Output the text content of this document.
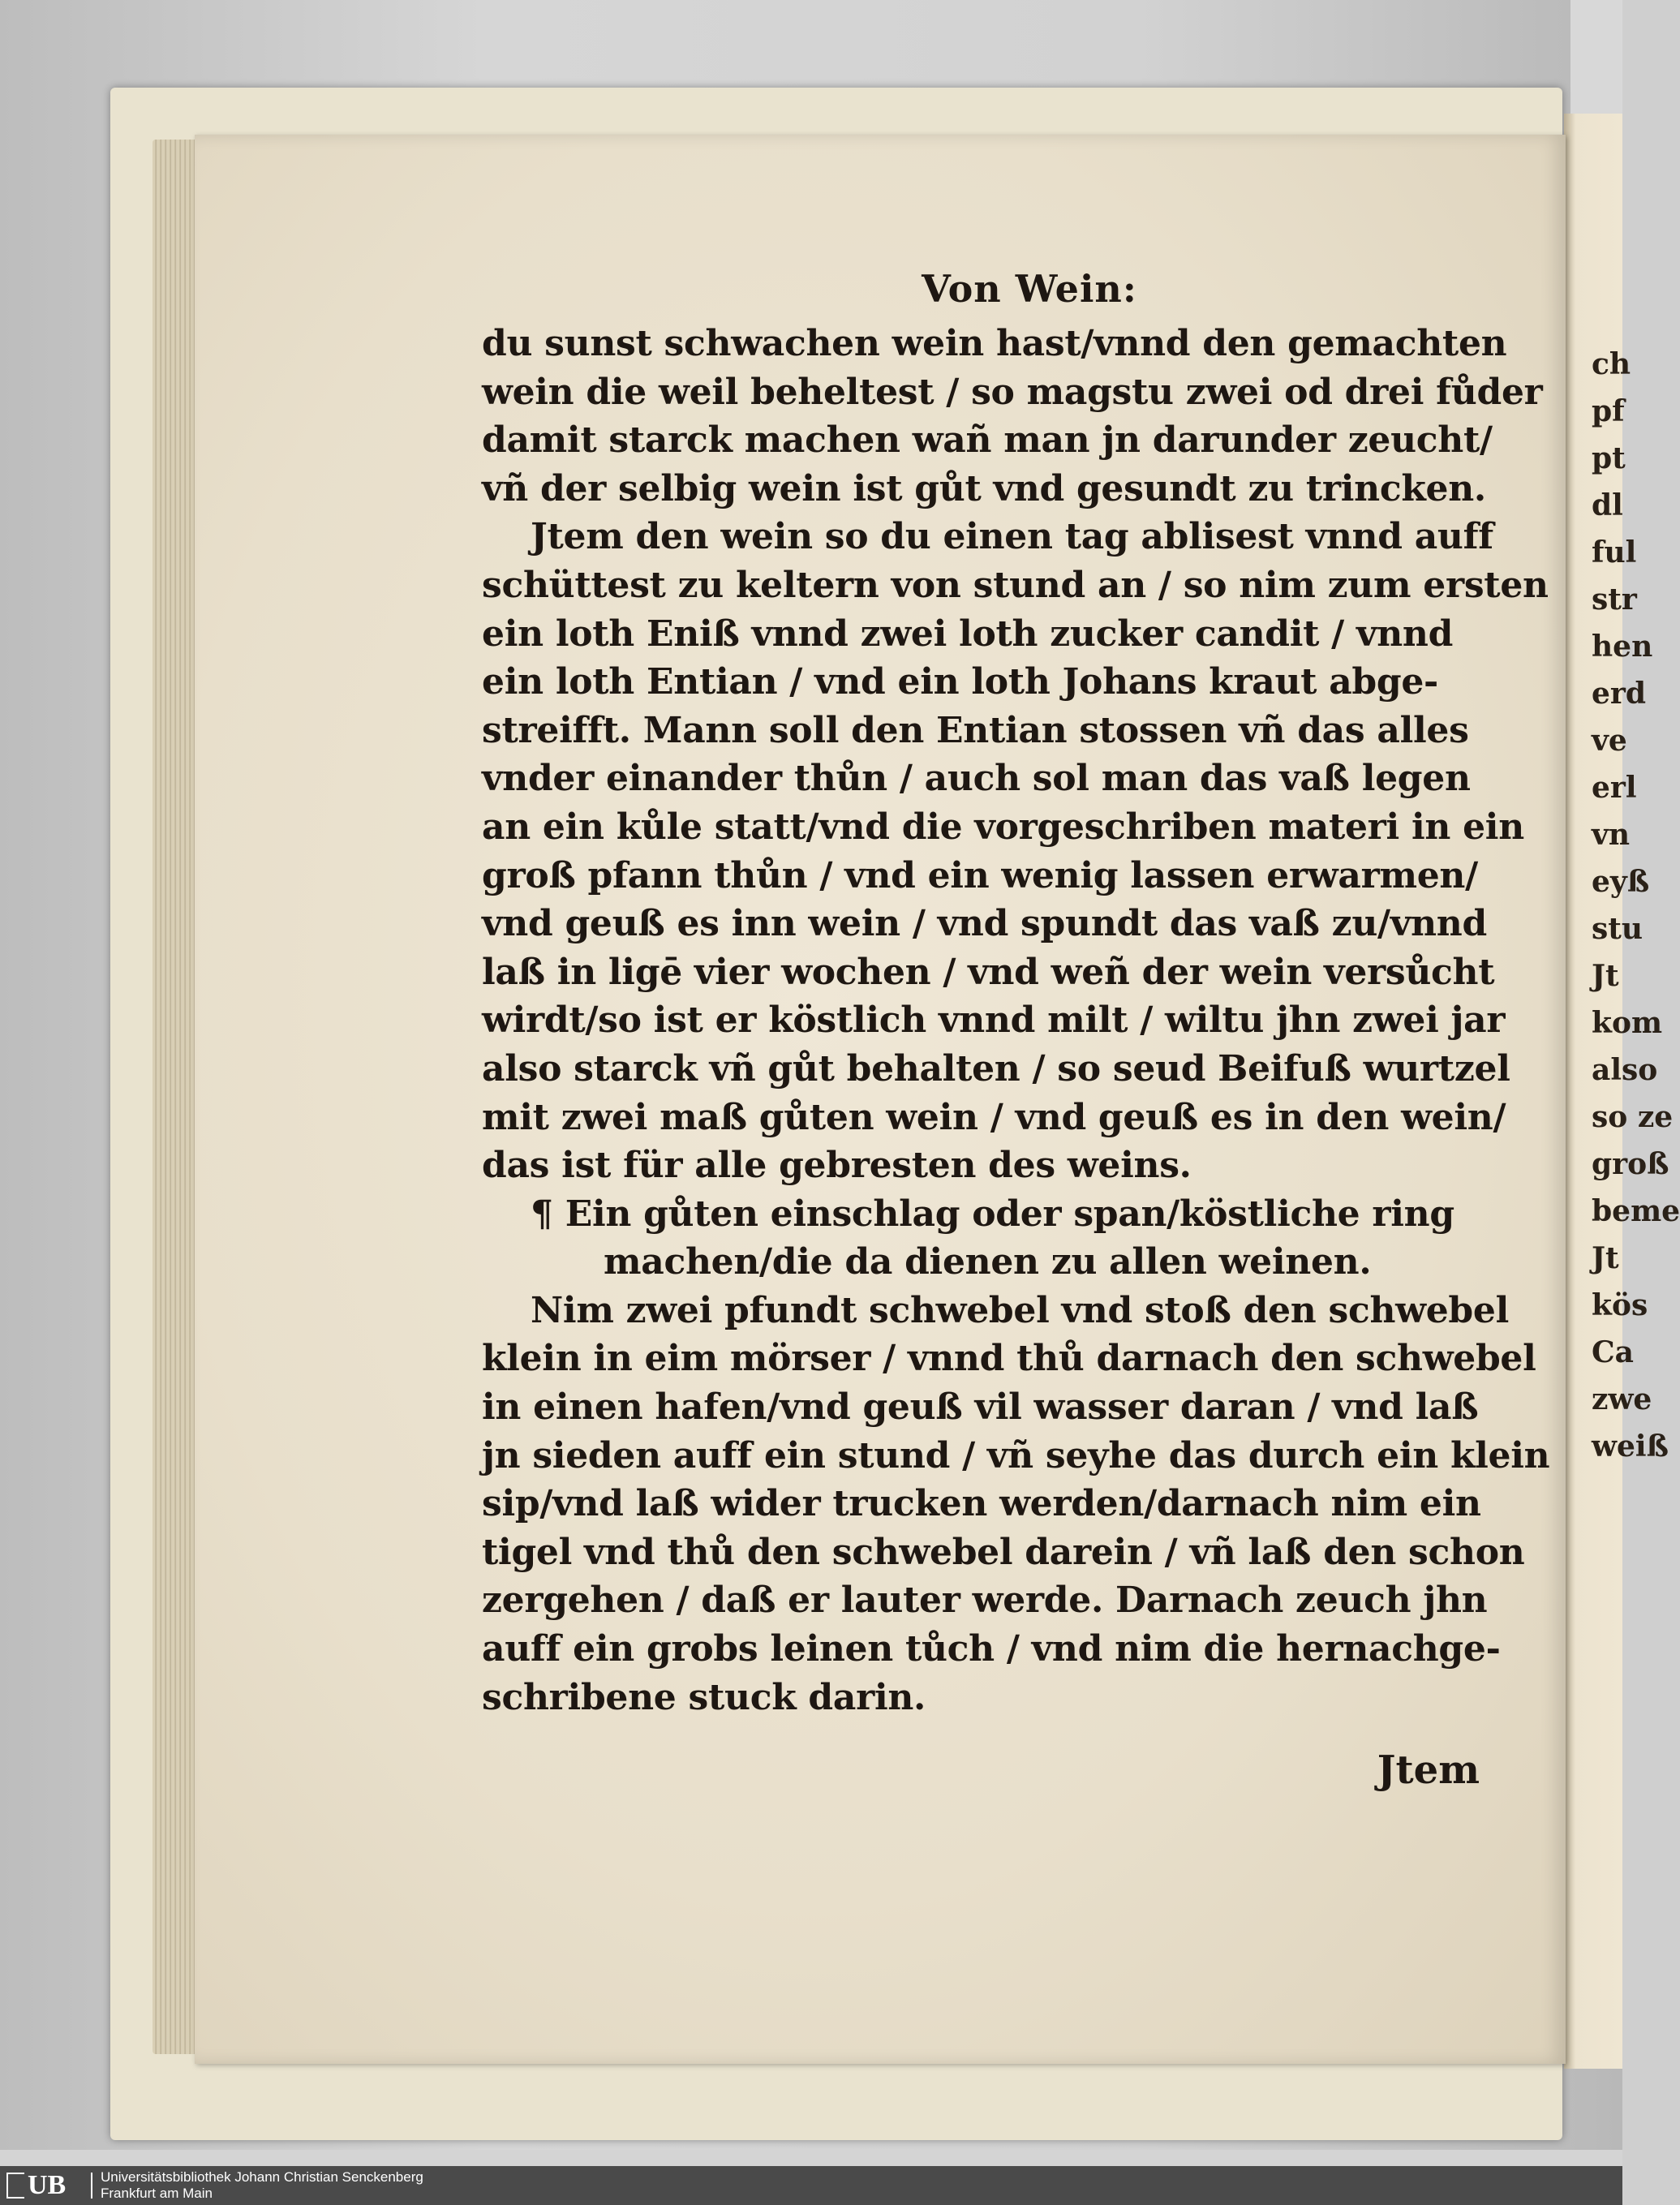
ch
pf
pt
dl
ful
str
hen
erd
ve
erl
vn
eyß
stu
Jt
kom
also
so ze
groß
beme
Jt
kös
Ca
zwe
weiß
Von Wein:
du sunst schwachen wein hast/vnnd den gemachten
wein die weil beheltest / so magstu zwei od drei fůder
damit starck machen wañ man jn darunder zeucht/
vñ der selbig wein ist gůt vnd gesundt zu trincken.
Jtem den wein so du einen tag ablisest vnnd auff
schüttest zu keltern von stund an / so nim zum ersten
ein loth Eniß vnnd zwei loth zucker candit / vnnd
ein loth Entian / vnd ein loth Johans kraut abge-
streifft. Mann soll den Entian stossen vñ das alles
vnder einander thůn / auch sol man das vaß legen
an ein kůle statt/vnd die vorgeschriben materi in ein
groß pfann thůn / vnd ein wenig lassen erwarmen/
vnd geuß es inn wein / vnd spundt das vaß zu/vnnd
laß in ligē vier wochen / vnd weñ der wein versůcht
wirdt/so ist er köstlich vnnd milt / wiltu jhn zwei jar
also starck vñ gůt behalten / so seud Beifuß wurtzel
mit zwei maß gůten wein / vnd geuß es in den wein/
das ist für alle gebresten des weins.
¶ Ein gůten einschlag oder span/köstliche ring
machen/die da dienen zu allen weinen.
Nim zwei pfundt schwebel vnd stoß den schwebel
klein in eim mörser / vnnd thů darnach den schwebel
in einen hafen/vnd geuß vil wasser daran / vnd laß
jn sieden auff ein stund / vñ seyhe das durch ein klein
sip/vnd laß wider trucken werden/darnach nim ein
tigel vnd thů den schwebel darein / vñ laß den schon
zergehen / daß er lauter werde. Darnach zeuch jhn
auff ein grobs leinen tůch / vnd nim die hernachge-
schribene stuck darin.
Jtem
UB	Universitätsbibliothek Johann Christian Senckenberg
Frankfurt am Main
